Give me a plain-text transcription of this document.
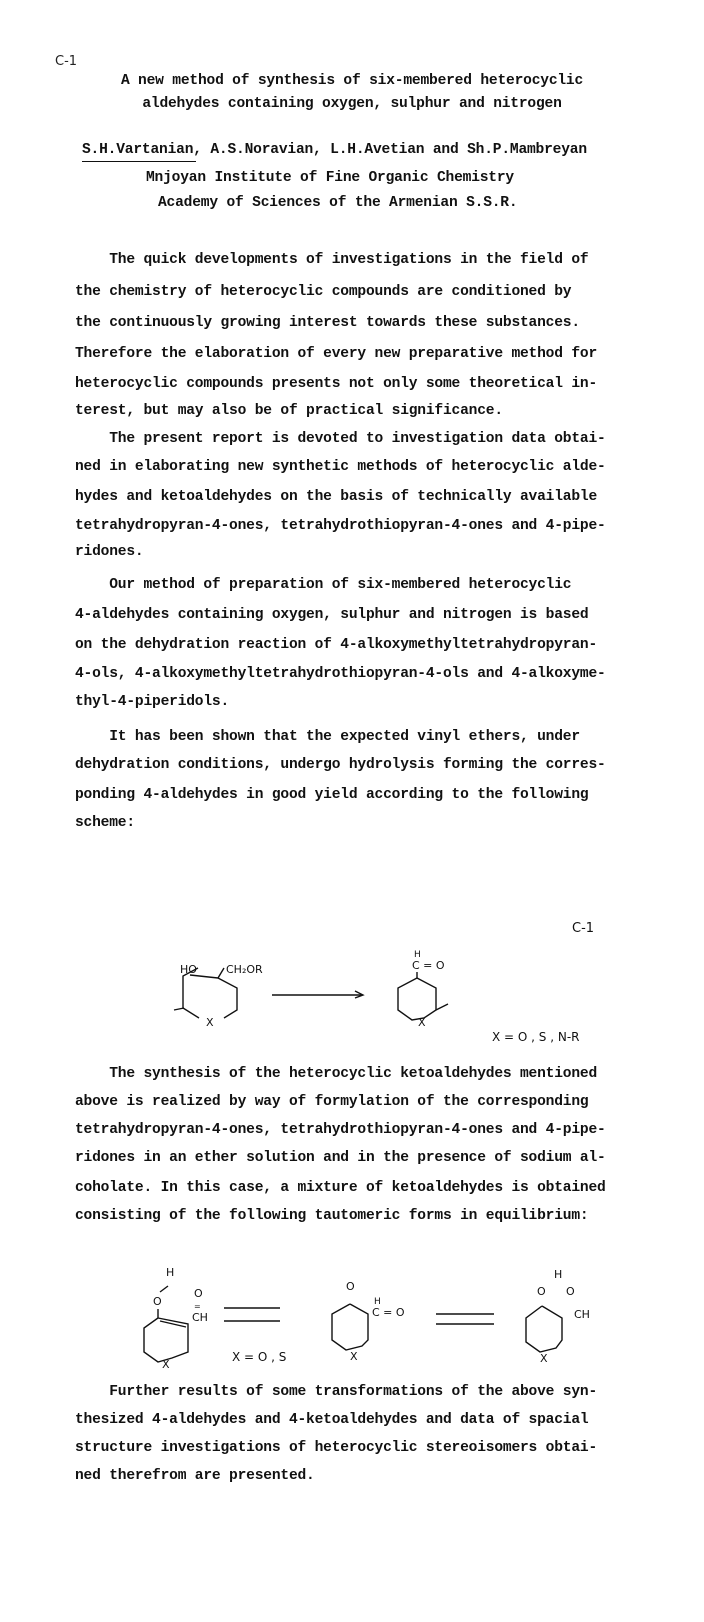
C-1
A new method of synthesis of six-membered heterocyclic
aldehydes containing oxygen, sulphur and nitrogen
S.H.Vartanian, A.S.Noravian, L.H.Avetian and Sh.P.Mambreyan
Mnjoyan Institute of Fine Organic Chemistry
Academy of Sciences of the Armenian S.S.R.
The quick developments of investigations in the field of
the chemistry of heterocyclic compounds are conditioned by
the continuously growing interest towards these substances.
Therefore the elaboration of every new preparative method for
heterocyclic compounds presents not only some theoretical in-
terest, but may also be of practical significance.
The present report is devoted to investigation data obtai-
ned in elaborating new synthetic methods of heterocyclic alde-
hydes and ketoaldehydes on the basis of technically available
tetrahydropyran-4-ones, tetrahydrothiopyran-4-ones and 4-pipe-
ridones.
Our method of preparation of six-membered heterocyclic
4-aldehydes containing oxygen, sulphur and nitrogen is based
on the dehydration reaction of 4-alkoxymethyltetrahydropyran-
4-ols, 4-alkoxymethyltetrahydrothiopyran-4-ols and 4-alkoxyme-
thyl-4-piperidols.
It has been shown that the expected vinyl ethers, under
dehydration conditions, undergo hydrolysis forming the corres-
ponding 4-aldehydes in good yield according to the following
scheme:
C-1
HO	CH₂OR
X
H
C = O
X
X = O , S , N-R
H
O
O
=
CH
X
X = O , S
O
H
C = O
X
H
O O
CH
X
The synthesis of the heterocyclic ketoaldehydes mentioned
above is realized by way of formylation of the corresponding
tetrahydropyran-4-ones, tetrahydrothiopyran-4-ones and 4-pipe-
ridones in an ether solution and in the presence of sodium al-
coholate. In this case, a mixture of ketoaldehydes is obtained
consisting of the following tautomeric forms in equilibrium:
Further results of some transformations of the above syn-
thesized 4-aldehydes and 4-ketoaldehydes and data of spacial
structure investigations of heterocyclic stereoisomers obtai-
ned therefrom are presented.
